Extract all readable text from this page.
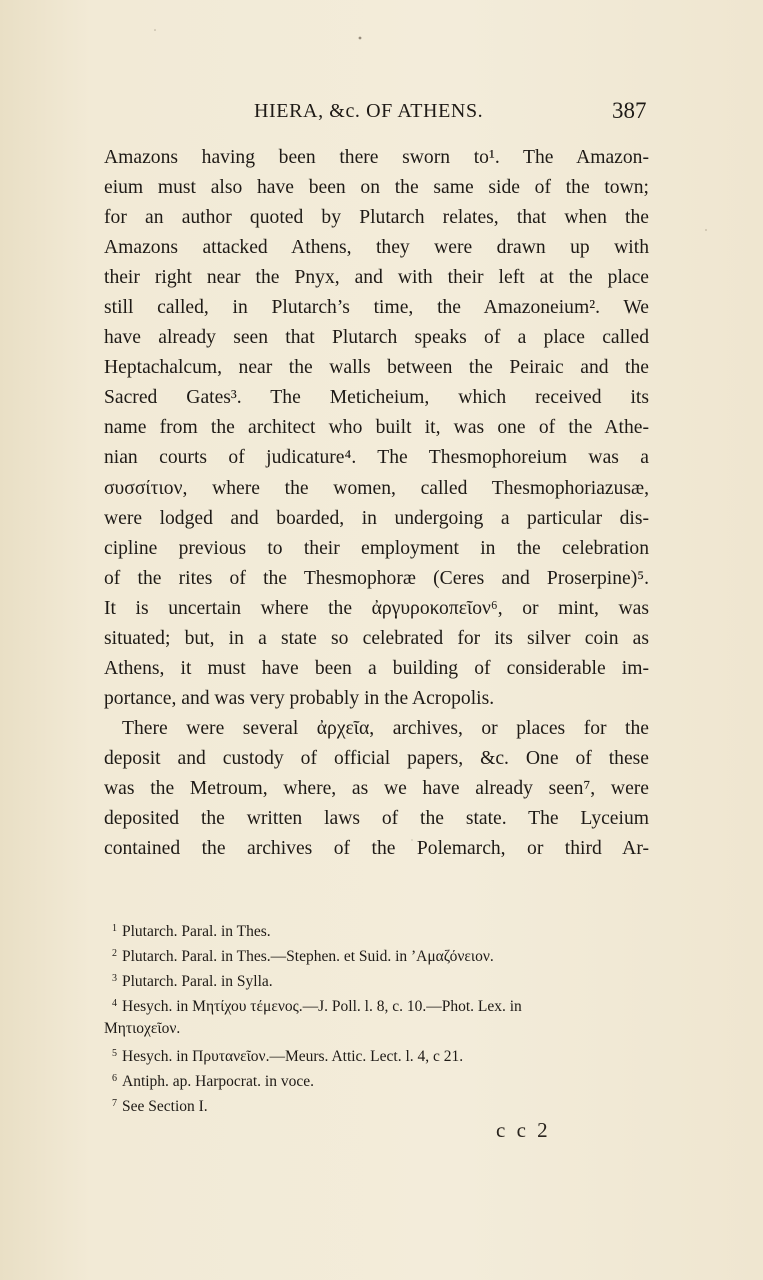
HIERA, &c. OF ATHENS.	387
Amazons having been there sworn to¹. The Amazon-
eium must also have been on the same side of the town;
for an author quoted by Plutarch relates, that when the
Amazons attacked Athens, they were drawn up with
their right near the Pnyx, and with their left at the place
still called, in Plutarch’s time, the Amazoneium². We
have already seen that Plutarch speaks of a place called
Heptachalcum, near the walls between the Peiraic and the
Sacred Gates³. The Meticheium, which received its
name from the architect who built it, was one of the Athe-
nian courts of judicature⁴. The Thesmophoreium was a
συσσίτιον, where the women, called Thesmophoriazusæ,
were lodged and boarded, in undergoing a particular dis-
cipline previous to their employment in the celebration
of the rites of the Thesmophoræ (Ceres and Proserpine)⁵.
It is uncertain where the ἀργυροκοπεῖον⁶, or mint, was
situated; but, in a state so celebrated for its silver coin as
Athens, it must have been a building of considerable im-
portance, and was very probably in the Acropolis.
There were several ἀρχεῖα, archives, or places for the
deposit and custody of official papers, &c. One of these
was the Metroum, where, as we have already seen⁷, were
deposited the written laws of the state. The Lyceium
contained the archives of the Polemarch, or third Ar-
1 Plutarch. Paral. in Thes.
2 Plutarch. Paral. in Thes.—Stephen. et Suid. in ’Αμαζόνειον.
3 Plutarch. Paral. in Sylla.
4 Hesych. in Μητίχου τέμενος.—J. Poll. l. 8, c. 10.—Phot. Lex. in
Μητιοχεῖον.
5 Hesych. in Πρυτανεῖον.—Meurs. Attic. Lect. l. 4, c 21.
6 Antiph. ap. Harpocrat. in voce.
7 See Section I.
c c 2
